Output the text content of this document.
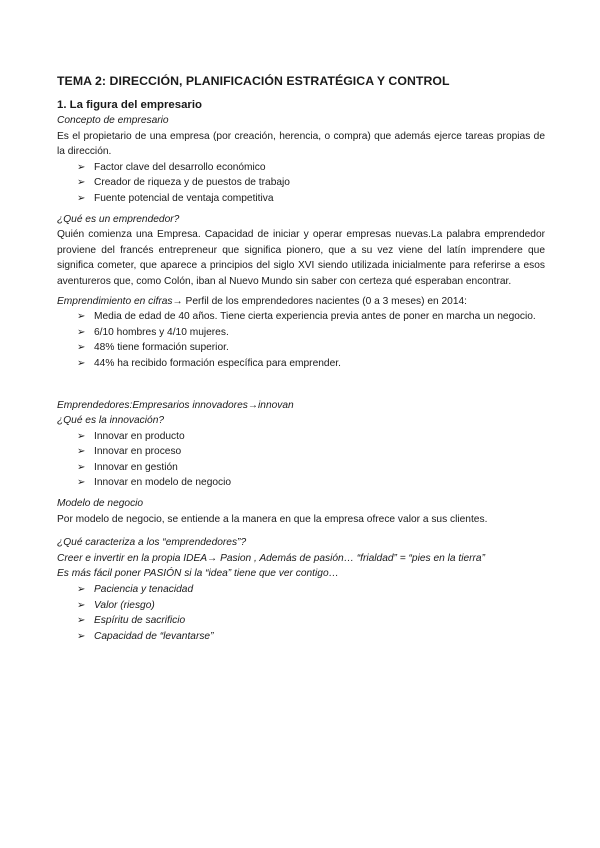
TEMA 2: DIRECCIÓN, PLANIFICACIÓN ESTRATÉGICA Y CONTROL
1. La figura del empresario
Concepto de empresario
Es el propietario de una empresa (por creación, herencia, o compra) que además ejerce tareas propias de la dirección.
➢ Factor clave del desarrollo económico
➢ Creador de riqueza y de puestos de trabajo
➢ Fuente potencial de ventaja competitiva
¿Qué es un emprendedor?
Quién comienza una Empresa. Capacidad de iniciar y operar empresas nuevas.La palabra emprendedor proviene del francés entrepreneur que significa pionero, que a su vez viene del latín imprendere que significa cometer, que aparece a principios del siglo XVI siendo utilizada inicialmente para referirse a esos aventureros que, como Colón, iban al Nuevo Mundo sin saber con certeza qué esperaban encontrar.
Emprendimiento en cifras→ Perfil de los emprendedores nacientes (0 a 3 meses) en 2014:
➢ Media de edad de 40 años. Tiene cierta experiencia previa antes de poner en marcha un negocio.
➢ 6/10 hombres y 4/10 mujeres.
➢ 48% tiene formación superior.
➢ 44% ha recibido formación específica para emprender.
Emprendedores:Empresarios innovadores→innovan
¿Qué es la innovación?
➢ Innovar en producto
➢ Innovar en proceso
➢ Innovar en gestión
➢ Innovar en modelo de negocio
Modelo de negocio
Por modelo de negocio, se entiende a la manera en que la empresa ofrece valor a sus clientes.
¿Qué caracteriza a los “emprendedores”?
Creer e invertir en la propia IDEA→ Pasion , Además de pasión… “frialdad” = “pies en la tierra”
Es más fácil poner PASIÓN si la “idea” tiene que ver contigo…
➢ Paciencia y tenacidad
➢ Valor (riesgo)
➢ Espíritu de sacrificio
➢ Capacidad de “levantarse”
